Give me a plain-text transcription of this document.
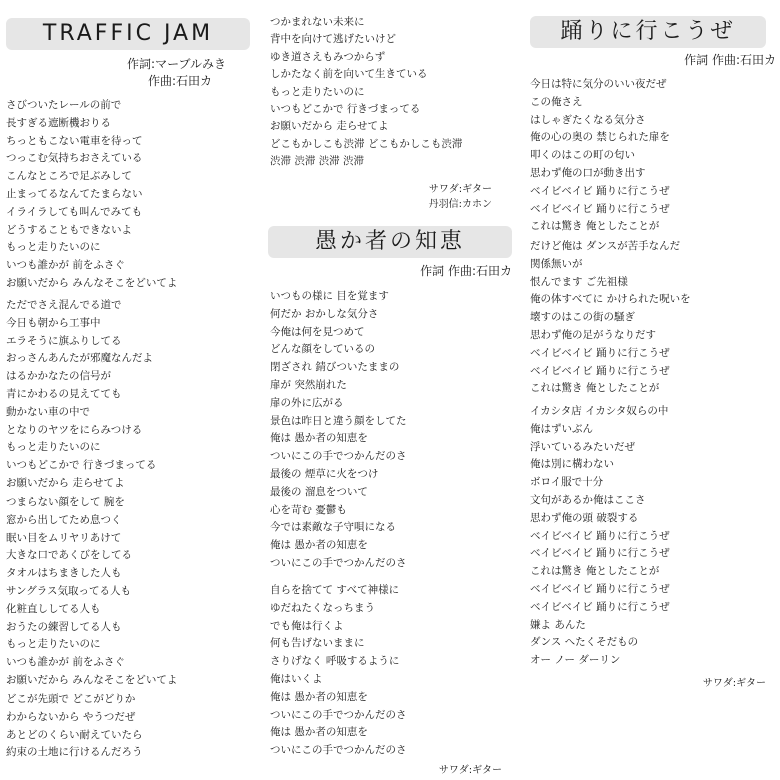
TRAFFIC JAM
作詞:マーブルみき
作曲:石田カ
さびついたレールの前で
長すぎる遮断機おりる
ちっともこない電車を待って
つっこむ気持ちおさえている
こんなところで足ぶみして
止まってるなんてたまらない
イライラしても叫んでみても
どうすることもできないよ
もっと走りたいのに
いつも誰かが 前をふさぐ
お願いだから みんなそこをどいてよ
ただでさえ混んでる道で
今日も朝から工事中
エラそうに旗ふりしてる
おっさんあんたが邪魔なんだよ
はるかかなたの信号が
青にかわるの見えてても
動かない車の中で
となりのヤツをにらみつける
もっと走りたいのに
いつもどこかで 行きづまってる
お願いだから 走らせてよ
つまらない顔をして 腕を
窓から出してため息つく
眠い目をムリヤリあけて
大きな口であくびをしてる
タオルはちまきした人も
サングラス気取ってる人も
化粧直ししてる人も
おうたの練習してる人も
もっと走りたいのに
いつも誰かが 前をふさぐ
お願いだから みんなそこをどいてよ
どこが先頭で どこがどりか
わからないから やうつだぜ
あとどのくらい耐えていたら
約束の土地に行けるんだろう
つかまれない未来に
背中を向けて逃げたいけど
ゆき道さえもみつからず
しかたなく前を向いて生きている
もっと走りたいのに
いつもどこかで 行きづまってる
お願いだから 走らせてよ
どこもかしこも渋滞 どこもかしこも渋滞
渋滞 渋滞 渋滞 渋滞
サワダ:ギター
丹羽信:カホン
愚か者の知恵
作詞 作曲:石田カ
いつもの様に 目を覚ます
何だか おかしな気分さ
今俺は何を見つめて
どんな顔をしているの
閉ざされ 錆びついたままの
扉が 突然崩れた
扉の外に広がる
景色は昨日と違う顔をしてた
俺は 愚か者の知恵を
ついにこの手でつかんだのさ
最後の 煙草に火をつけ
最後の 溜息をついて
心を苛む 憂鬱も
今では素敵な子守唄になる
俺は 愚か者の知恵を
ついにこの手でつかんだのさ
自らを捨てて すべて神様に
ゆだねたくなっちまう
でも俺は行くよ
何も告げないままに
さりげなく 呼吸するように
俺はいくよ
俺は 愚か者の知恵を
ついにこの手でつかんだのさ
俺は 愚か者の知恵を
ついにこの手でつかんだのさ
サワダ:ギター
踊りに行こうぜ
作詞 作曲:石田カ
今日は特に気分のいい夜だぜ
この俺さえ
はしゃぎたくなる気分さ
俺の心の奥の 禁じられた扉を
叩くのはこの町の匂い
思わず俺の口が動き出す
ベイビベイビ 踊りに行こうぜ
ベイビベイビ 踊りに行こうぜ
これは驚き 俺としたことが
だけど俺は ダンスが苦手なんだ
関係無いが
恨んでます ご先祖様
俺の体すべてに かけられた呪いを
壊すのはこの街の騒ぎ
思わず俺の足がうなりだす
ベイビベイビ 踊りに行こうぜ
ベイビベイビ 踊りに行こうぜ
これは驚き 俺としたことが
イカシタ店 イカシタ奴らの中
俺はずいぶん
浮いているみたいだぜ
俺は別に構わない
ボロイ服で十分
文句があるか俺はここさ
思わず俺の頭 破裂する
ベイビベイビ 踊りに行こうぜ
ベイビベイビ 踊りに行こうぜ
これは驚き 俺としたことが
ベイビベイビ 踊りに行こうぜ
ベイビベイビ 踊りに行こうぜ
嫌よ あんた
ダンス へたくそだもの
オー ノー ダーリン
サワダ:ギター
